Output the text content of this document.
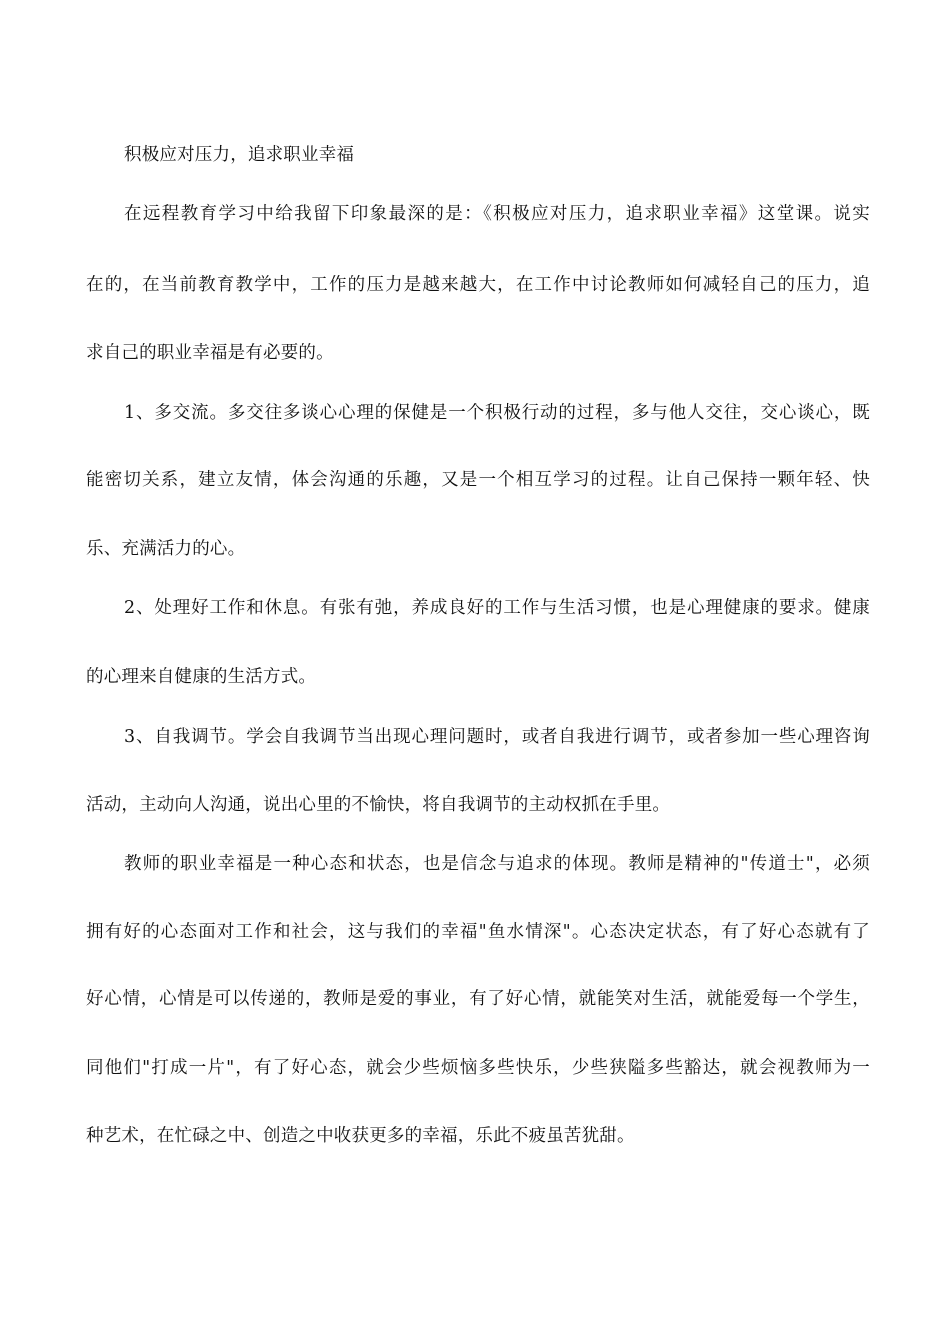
积极应对压力，追求职业幸福
在远程教育学习中给我留下印象最深的是：《积极应对压力，追求职业幸福》这堂课。说实
在的，在当前教育教学中，工作的压力是越来越大，在工作中讨论教师如何减轻自己的压力，追
求自己的职业幸福是有必要的。
1、多交流。多交往多谈心心理的保健是一个积极行动的过程，多与他人交往，交心谈心，既
能密切关系，建立友情，体会沟通的乐趣，又是一个相互学习的过程。让自己保持一颗年轻、快
乐、充满活力的心。
2、处理好工作和休息。有张有弛，养成良好的工作与生活习惯，也是心理健康的要求。健康
的心理来自健康的生活方式。
3、自我调节。学会自我调节当出现心理问题时，或者自我进行调节，或者参加一些心理咨询
活动，主动向人沟通，说出心里的不愉快，将自我调节的主动权抓在手里。
教师的职业幸福是一种心态和状态，也是信念与追求的体现。教师是精神的"传道士"，必须
拥有好的心态面对工作和社会，这与我们的幸福"鱼水情深"。心态决定状态，有了好心态就有了
好心情，心情是可以传递的，教师是爱的事业，有了好心情，就能笑对生活，就能爱每一个学生，
同他们"打成一片"，有了好心态，就会少些烦恼多些快乐，少些狭隘多些豁达，就会视教师为一
种艺术，在忙碌之中、创造之中收获更多的幸福，乐此不疲虽苦犹甜。
